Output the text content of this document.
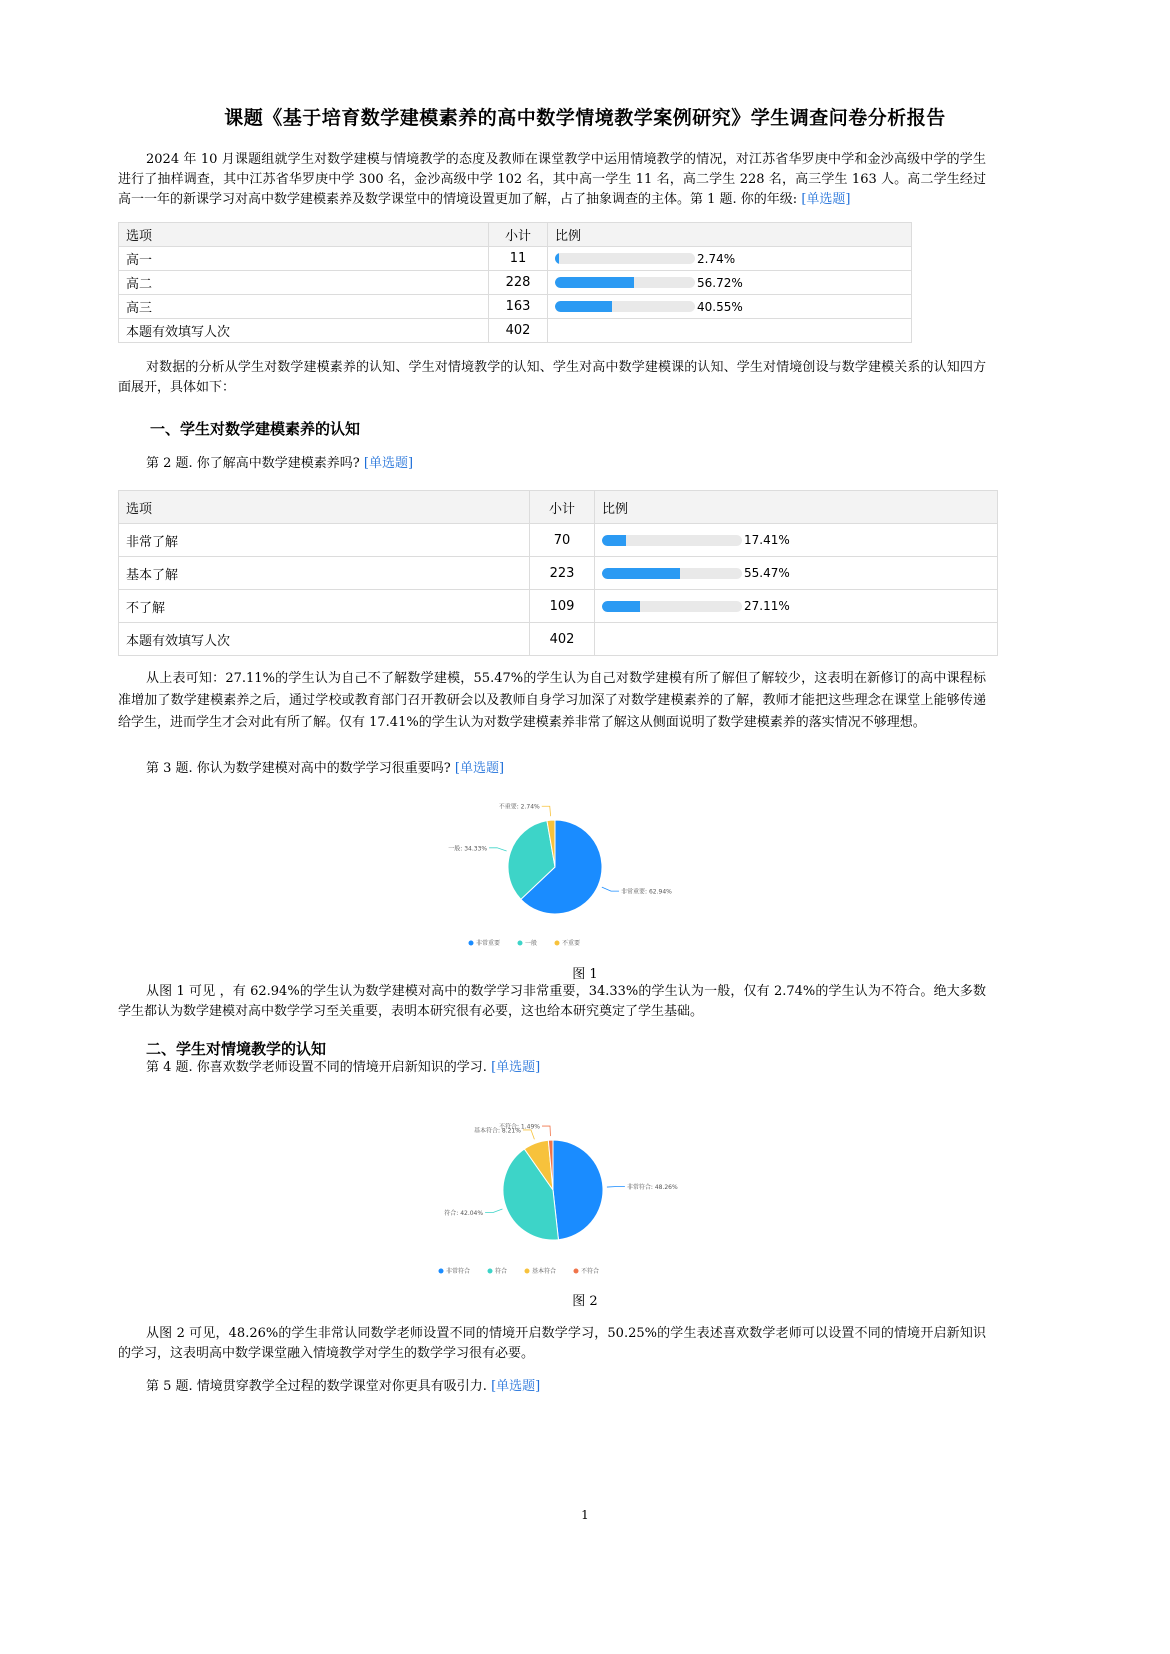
课题《基于培育数学建模素养的高中数学情境教学案例研究》学生调查问卷分析报告
2024 年 10 月课题组就学生对数学建模与情境教学的态度及教师在课堂教学中运用情境教学的情况，对江苏省华罗庚中学和金沙高级中学的学生进行了抽样调查，其中江苏省华罗庚中学 300 名，金沙高级中学 102 名，其中高一学生 11 名，高二学生 228 名，高三学生 163 人。高二学生经过高一一年的新课学习对高中数学建模素养及数学课堂中的情境设置更加了解，占了抽象调查的主体。第 1 题. 你的年级: [单选题]
选项	小计	比例
高一	11	2.74%
高二	228	56.72%
高三	163	40.55%
本题有效填写人次	402	
对数据的分析从学生对数学建模素养的认知、学生对情境教学的认知、学生对高中数学建模课的认知、学生对情境创设与数学建模关系的认知四方面展开，具体如下：
一、学生对数学建模素养的认知
第 2 题. 你了解高中数学建模素养吗? [单选题]
选项	小计	比例
非常了解	70	17.41%
基本了解	223	55.47%
不了解	109	27.11%
本题有效填写人次	402	
从上表可知：27.11%的学生认为自己不了解数学建模，55.47%的学生认为自己对数学建模有所了解但了解较少，这表明在新修订的高中课程标准增加了数学建模素养之后，通过学校或教育部门召开教研会以及教师自身学习加深了对数学建模素养的了解，教师才能把这些理念在课堂上能够传递给学生，进而学生才会对此有所了解。仅有 17.41%的学生认为对数学建模素养非常了解这从侧面说明了数学建模素养的落实情况不够理想。
第 3 题. 你认为数学建模对高中的数学学习很重要吗? [单选题]
非常重要: 62.94%
一般: 34.33%
不重要: 2.74%
非常重要	一般	不重要
图 1
从图 1 可见 ，有 62.94%的学生认为数学建模对高中的数学学习非常重要，34.33%的学生认为一般，仅有 2.74%的学生认为不符合。绝大多数学生都认为数学建模对高中数学学习至关重要，表明本研究很有必要，这也给本研究奠定了学生基础。
二、学生对情境教学的认知
第 4 题. 你喜欢数学老师设置不同的情境开启新知识的学习. [单选题]
非常符合: 48.26%
符合: 42.04%
基本符合: 8.21%
不符合: 1.49%
非常符合	符合	基本符合	不符合
图 2
从图 2 可见，48.26%的学生非常认同数学老师设置不同的情境开启数学学习，50.25%的学生表述喜欢数学老师可以设置不同的情境开启新知识的学习，这表明高中数学课堂融入情境教学对学生的数学学习很有必要。
第 5 题. 情境贯穿教学全过程的数学课堂对你更具有吸引力. [单选题]
1
